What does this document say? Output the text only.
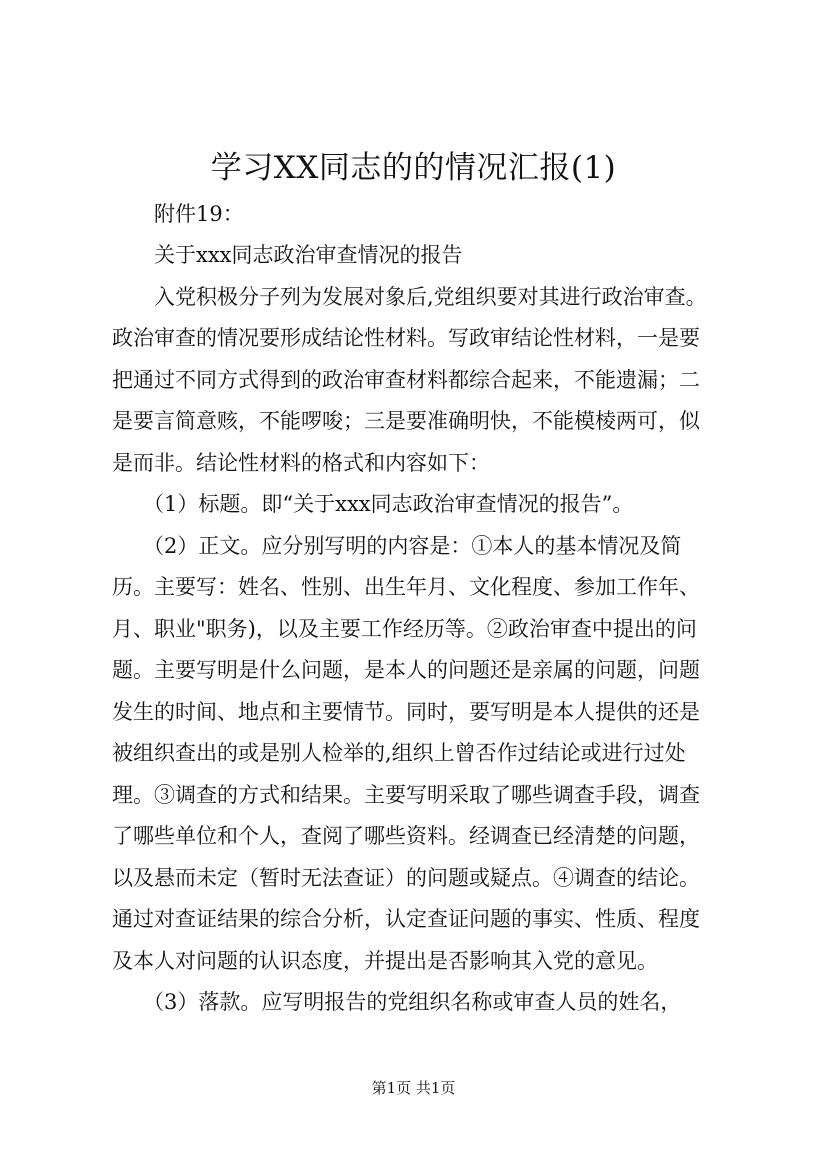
学习XX同志的的情况汇报(1)

附件19：

关于xxx同志政治审查情况的报告

入党积极分子列为发展对象后,党组织要对其进行政治审查。

政治审查的情况要形成结论性材料。写政审结论性材料，一是要

把通过不同方式得到的政治审查材料都综合起来，不能遗漏；二

是要言简意赅，不能啰唆；三是要准确明快，不能模棱两可，似

是而非。结论性材料的格式和内容如下：

（1）标题。即“关于xxx同志政治审查情况的报告”。

（2）正文。应分别写明的内容是：①本人的基本情况及简

历。主要写：姓名、性别、出生年月、文化程度、参加工作年、

月、职业"职务)，以及主要工作经历等。②政治审查中提出的问

题。主要写明是什么问题，是本人的问题还是亲属的问题，问题

发生的时间、地点和主要情节。同时，要写明是本人提供的还是

被组织查出的或是别人检举的,组织上曾否作过结论或进行过处

理。③调查的方式和结果。主要写明采取了哪些调查手段，调查

了哪些单位和个人，查阅了哪些资料。经调查已经清楚的问题，

以及悬而未定（暂时无法查证）的问题或疑点。④调查的结论。

通过对查证结果的综合分析，认定查证问题的事实、性质、程度

及本人对问题的认识态度，并提出是否影响其入党的意见。

（3）落款。应写明报告的党组织名称或审查人员的姓名，

第1页 共1页
